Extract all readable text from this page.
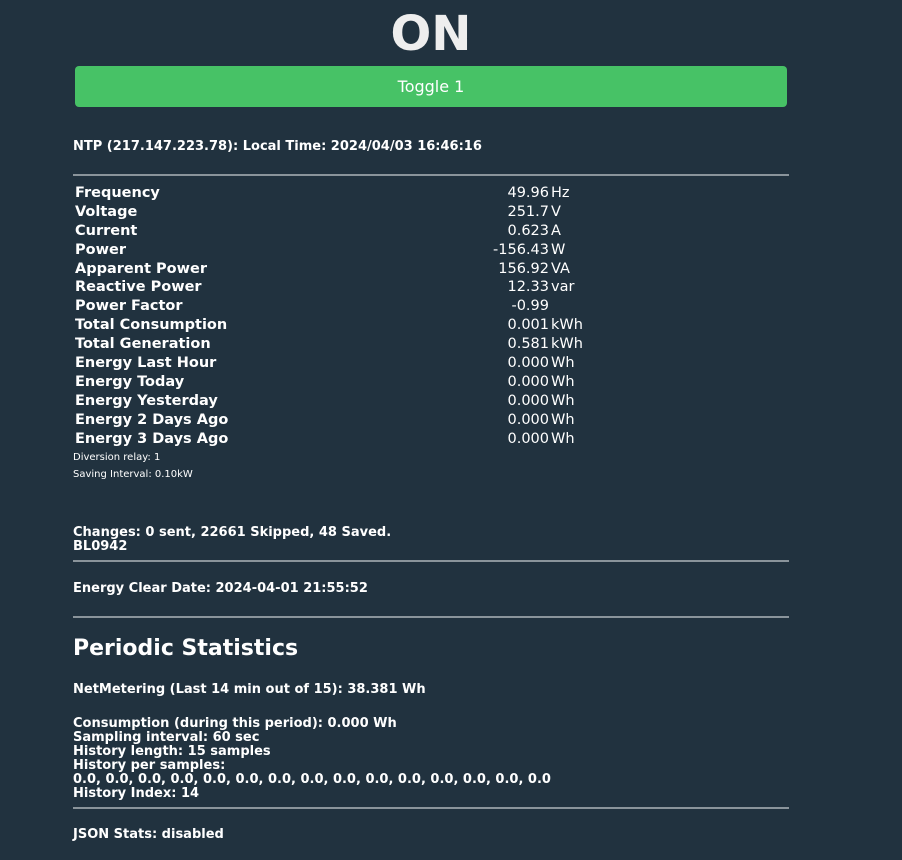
ON
Toggle 1
NTP (217.147.223.78): Local Time: 2024/04/03 16:46:16
Frequency	49.96 Hz
Voltage	251.7 V
Current	0.623 A
Power	-156.43 W
Apparent Power	156.92 VA
Reactive Power	12.33 var
Power Factor	-0.99
Total Consumption	0.001 kWh
Total Generation	0.581 kWh
Energy Last Hour	0.000 Wh
Energy Today	0.000 Wh
Energy Yesterday	0.000 Wh
Energy 2 Days Ago	0.000 Wh
Energy 3 Days Ago	0.000 Wh
Diversion relay: 1
Saving Interval: 0.10kW
Changes: 0 sent, 22661 Skipped, 48 Saved.
BL0942
Energy Clear Date: 2024-04-01 21:55:52
Periodic Statistics
NetMetering (Last 14 min out of 15): 38.381 Wh
Consumption (during this period): 0.000 Wh
Sampling interval: 60 sec
History length: 15 samples
History per samples:
0.0, 0.0, 0.0, 0.0, 0.0, 0.0, 0.0, 0.0, 0.0, 0.0, 0.0, 0.0, 0.0, 0.0, 0.0
History Index: 14
JSON Stats: disabled
